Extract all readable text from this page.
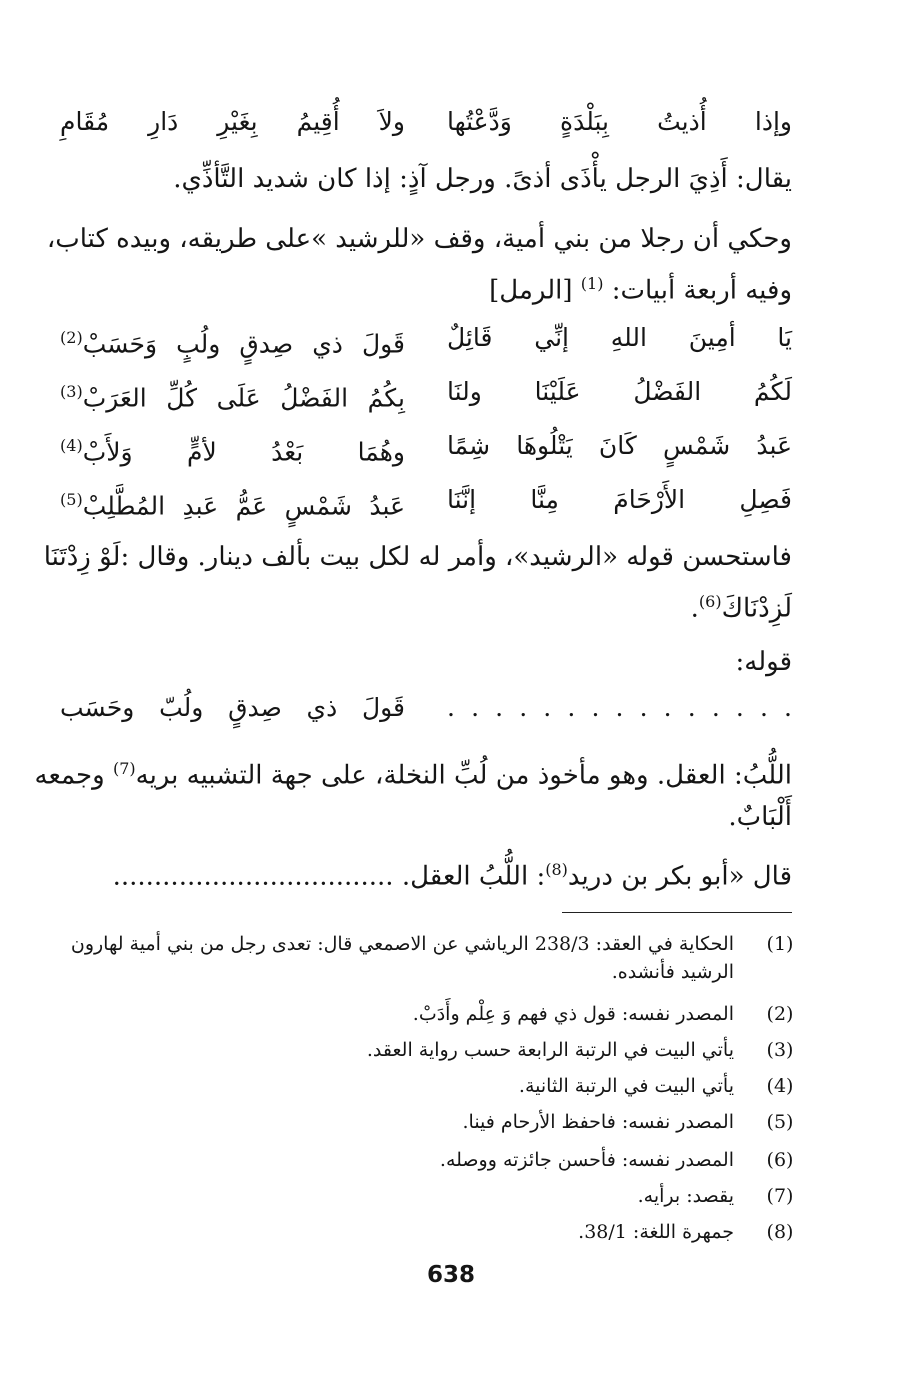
وإذا أُذيتُ بِبَلْدَةٍ وَدَّعْتُها
ولاَ أُقِيمُ بِغَيْرِ دَارِ مُقَامِ
يقال: أَذِيَ الرجل يأْذَى أذىً. ورجل آذٍ: إذا كان شديد التَّأذِّي.
وحكي أن رجلا من بني أمية، وقف «للرشيد »على طريقه، وبيده كتاب،
وفيه أربعة أبيات: $^{(1)}$ [الرمل]
يَا أمِينَ اللهِ إنِّي قَائِلٌ
قَولَ ذي صِدقٍ ولُبٍ وَحَسَبْ$^{(2)}$
لَكُمُ الفَضْلُ عَلَيْنَا ولنَا
بِكُمُ الفَضْلُ عَلَى كُلِّ العَرَبْ$^{(3)}$
عَبدُ شَمْسٍ كَانَ يَتْلُوهَا شِمًا
وهُمَا بَعْدُ لأمٍّ وَلأَبْ$^{(4)}$
فَصِلِ الأَرْحَامَ مِنَّا إنَّنَا
عَبدُ شَمْسٍ عَمُّ عَبدِ المُطَّلِبْ$^{(5)}$
فاستحسن قوله «الرشيد»، وأمر له لكل بيت بألف دينار. وقال :لَوْ زِدْتَنَا
لَزِدْنَاكَ$^{(6)}$.
قوله:
. . . . . . . . . . . . . . .
قَولَ ذي صِدقٍ ولُبّ وحَسَب
اللُّبُ: العقل. وهو مأخوذ من لُبِّ النخلة، على جهة التشبيه بريه$^{(7)}$ وجمعه
أَلْبَابٌ.
قال «أبو بكر بن دريد$^{(8)}$: اللُّبُ العقل. ..................................
(1)
الحكاية في العقد: 238/3 الرياشي عن الاصمعي قال: تعدى رجل من بني أمية لهارون الرشيد فأنشده.
(2)
المصدر نفسه: قول ذي فهم وَ عِلْم وأَدَبْ.
(3)
يأتي البيت في الرتبة الرابعة حسب رواية العقد.
(4)
يأتي البيت في الرتبة الثانية.
(5)
المصدر نفسه: فاحفظ الأرحام فينا.
(6)
المصدر نفسه: فأحسن جائزته ووصله.
(7)
يقصد: برأيه.
(8)
جمهرة اللغة: 38/1.
638
